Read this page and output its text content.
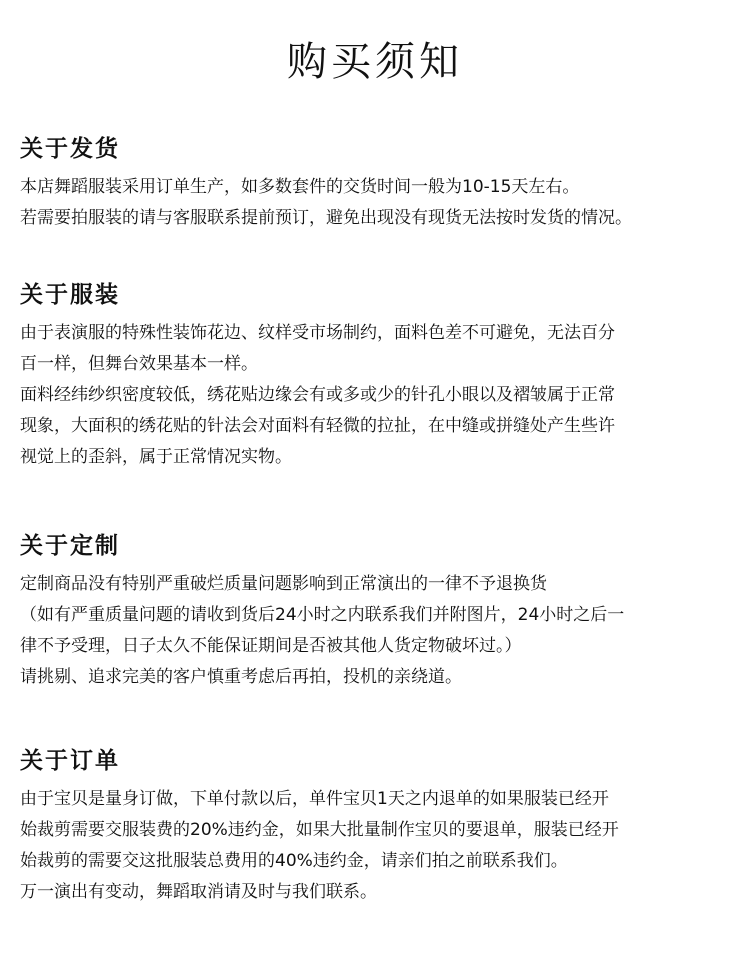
购买须知
关于发货

本店舞蹈服装采用订单生产，如多数套件的交货时间一般为10-15天左右。

若需要拍服装的请与客服联系提前预订，避免出现没有现货无法按时发货的情况。

关于服装

由于表演服的特殊性装饰花边、纹样受市场制约，面料色差不可避免，无法百分

百一样，但舞台效果基本一样。

面料经纬纱织密度较低，绣花贴边缘会有或多或少的针孔小眼以及褶皱属于正常

现象，大面积的绣花贴的针法会对面料有轻微的拉扯，在中缝或拼缝处产生些许

视觉上的歪斜，属于正常情况实物。

关于定制

定制商品没有特别严重破烂质量问题影响到正常演出的一律不予退换货

（如有严重质量问题的请收到货后24小时之内联系我们并附图片，24小时之后一

律不予受理，日子太久不能保证期间是否被其他人货定物破坏过。）

请挑剔、追求完美的客户慎重考虑后再拍，投机的亲绕道。

关于订单

由于宝贝是量身订做，下单付款以后，单件宝贝1天之内退单的如果服装已经开

始裁剪需要交服装费的20%违约金，如果大批量制作宝贝的要退单，服装已经开

始裁剪的需要交这批服装总费用的40%违约金，请亲们拍之前联系我们。

万一演出有变动，舞蹈取消请及时与我们联系。
